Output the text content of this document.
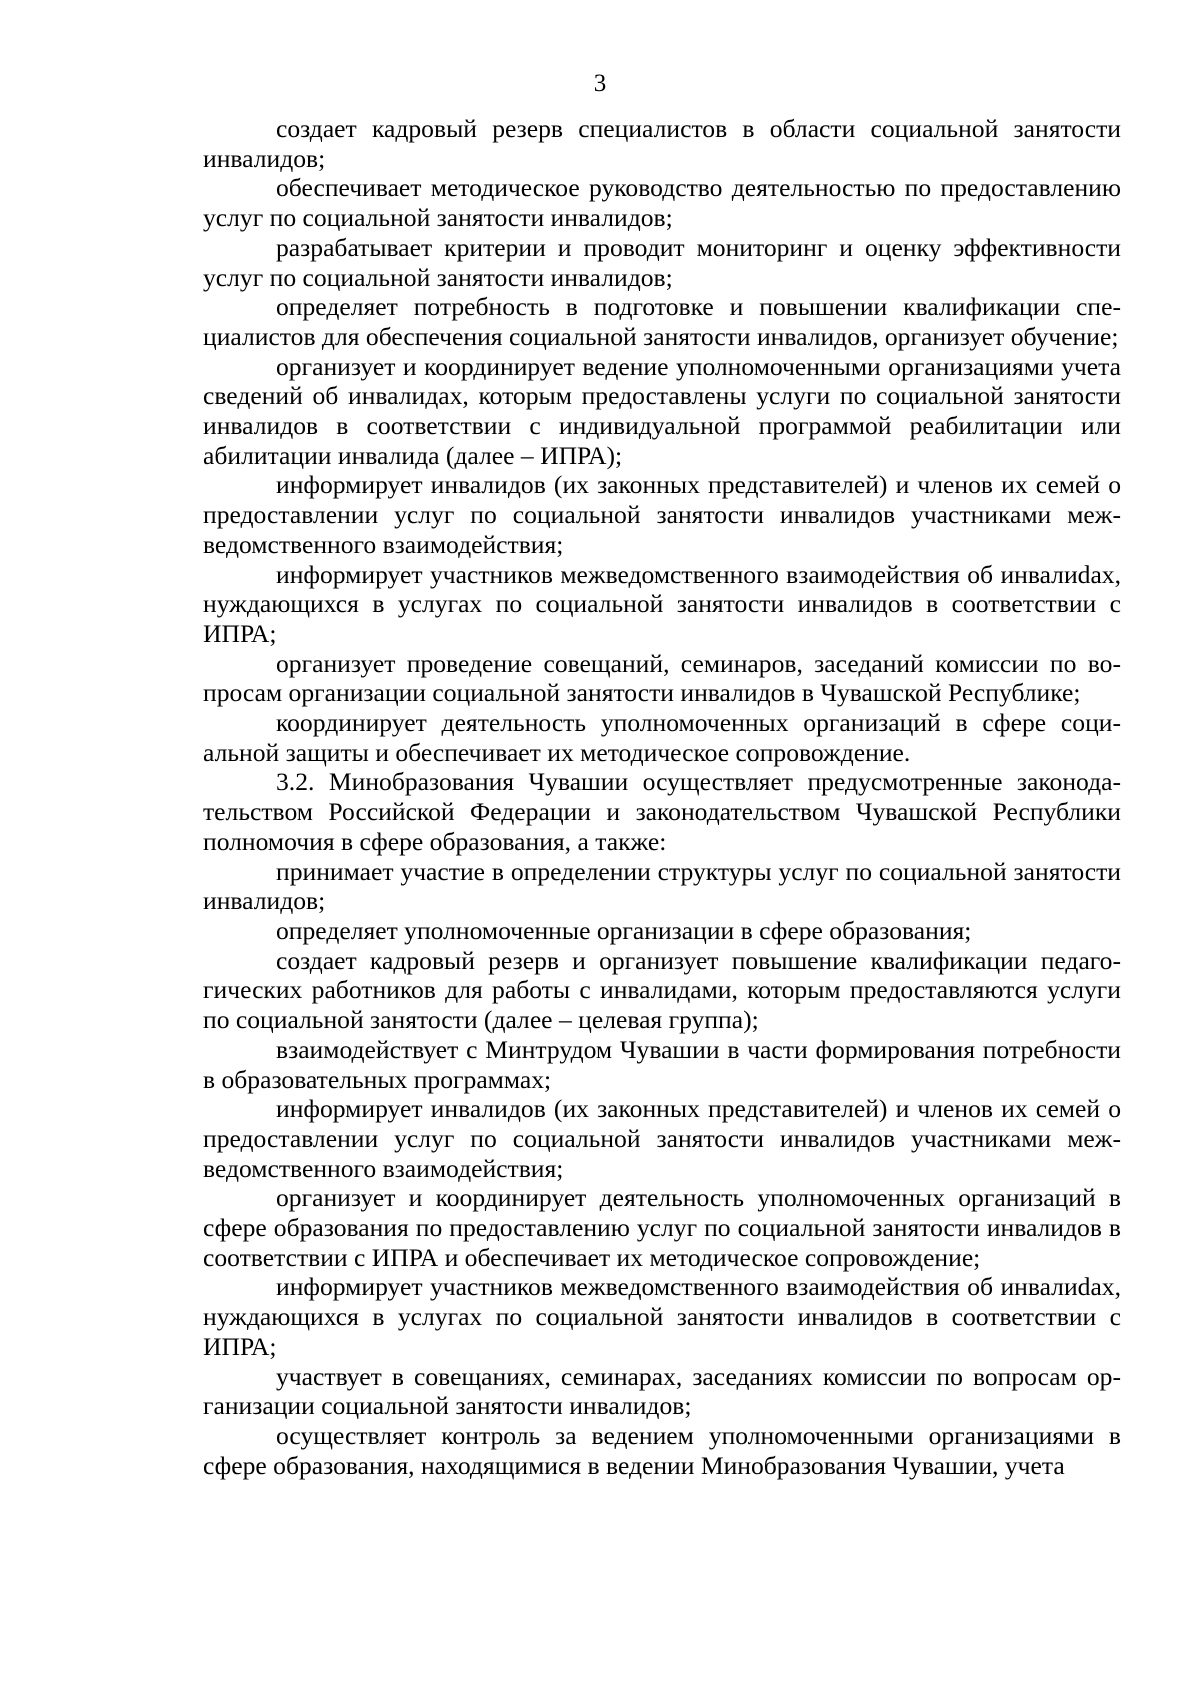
3

создает кадровый резерв специалистов в области социальной занятости инвалидов;

обеспечивает методическое руководство деятельностью по предоставлению услуг по социальной занятости инвалидов;

разрабатывает критерии и проводит мониторинг и оценку эффективности услуг по социальной занятости инвалидов;

определяет потребность в подготовке и повышении квалификации специалистов для обеспечения социальной занятости инвалидов, организует обучение;

организует и координирует ведение уполномоченными организациями учета сведений об инвалидах, которым предоставлены услуги по социальной занятости инвалидов в соответствии с индивидуальной программой реабилитации или абилитации инвалида (далее – ИПРА);

информирует инвалидов (их законных представителей) и членов их семей о предоставлении услуг по социальной занятости инвалидов участниками межведомственного взаимодействия;

информирует участников межведомственного взаимодействия об инвалиdах, нуждающихся в услугах по социальной занятости инвалидов в соответствии с ИПРА;

организует проведение совещаний, семинаров, заседаний комиссии по вопросам организации социальной занятости инвалидов в Чувашской Республике;

координирует деятельность уполномоченных организаций в сфере социальной защиты и обеспечивает их методическое сопровождение.

3.2. Минобразования Чувашии осуществляет предусмотренные законодательством Российской Федерации и законодательством Чувашской Республики полномочия в сфере образования, а также:

принимает участие в определении структуры услуг по социальной занятости инвалидов;

определяет уполномоченные организации в сфере образования;

создает кадровый резерв и организует повышение квалификации педагогических работников для работы с инвалидами, которым предоставляются услуги по социальной занятости (далее – целевая группа);

взаимодействует с Минтрудом Чувашии в части формирования потребности в образовательных программах;

информирует инвалидов (их законных представителей) и членов их семей о предоставлении услуг по социальной занятости инвалидов участниками межведомственного взаимодействия;

организует и координирует деятельность уполномоченных организаций в сфере образования по предоставлению услуг по социальной занятости инвалидов в соответствии с ИПРА и обеспечивает их методическое сопровождение;

информирует участников межведомственного взаимодействия об инвалиdах, нуждающихся в услугах по социальной занятости инвалидов в соответствии с ИПРА;

участвует в совещаниях, семинарах, заседаниях комиссии по вопросам организации социальной занятости инвалидов;

осуществляет контроль за ведением уполномоченными организациями в сфере образования, находящимися в ведении Минобразования Чувашии, учета
